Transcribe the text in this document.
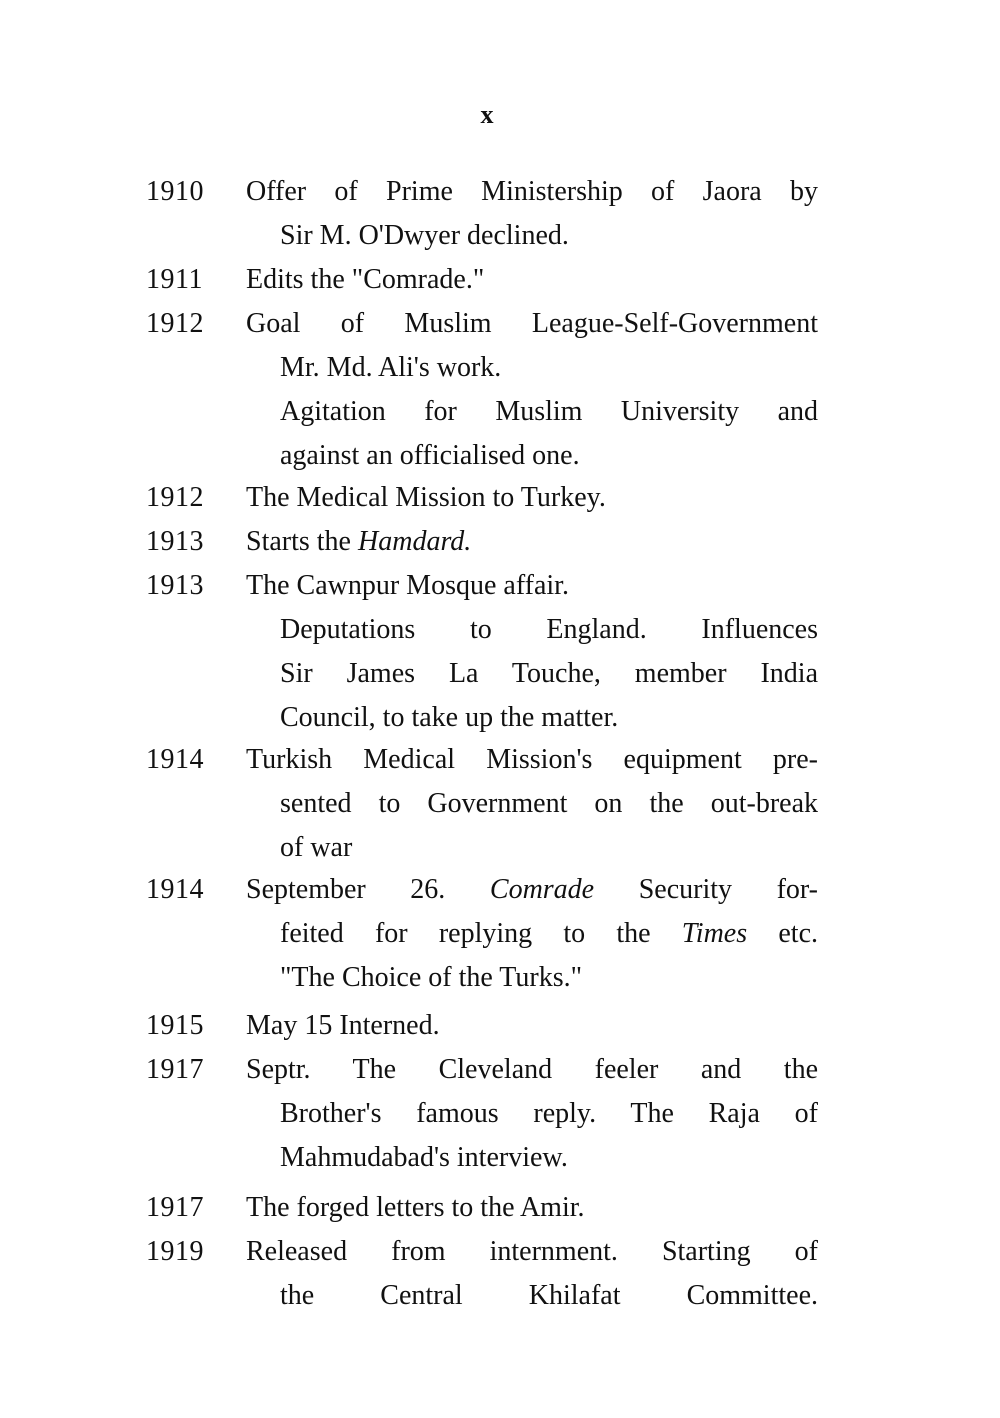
x
1910	Offer of Prime Ministership of Jaora by
Sir M. O'Dwyer declined.
1911	Edits the "Comrade."
1912	Goal of Muslim League-Self-Government
Mr. Md. Ali's work.
Agitation for Muslim University and
against an officialised one.
1912	The Medical Mission to Turkey.
1913	Starts the Hamdard.
1913	The Cawnpur Mosque affair.
Deputations to England. Influences
Sir James La Touche, member India
Council, to take up the matter.
1914	Turkish Medical Mission's equipment pre-
sented to Government on the out-break
of war
1914	September 26. Comrade Security for-
feited for replying to the Times etc.
"The Choice of the Turks."
1915	May 15 Interned.
1917	Septr. The Cleveland feeler and the
Brother's famous reply. The Raja of
Mahmudabad's interview.
1917	The forged letters to the Amir.
1919	Released from internment. Starting of
the Central Khilafat Committee.
